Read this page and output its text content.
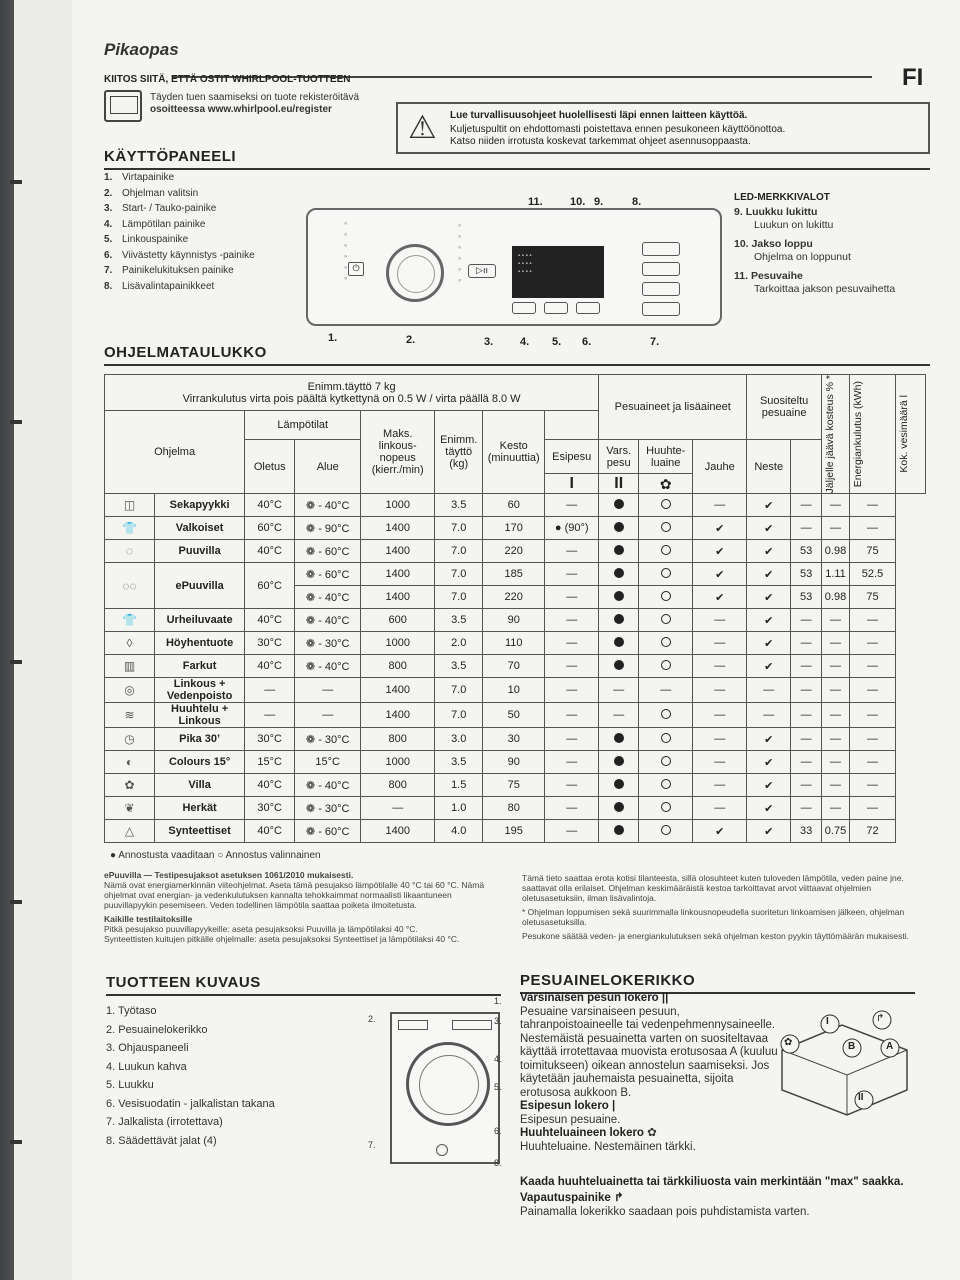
Pikaopas
FI
KIITOS SIITÄ, ETTÄ OSTIT WHIRLPOOL-TUOTTEEN
Täyden tuen saamiseksi on tuote rekisteröitävä
osoitteessa www.whirlpool.eu/register	⚠ Lue turvallisuusohjeet huolellisesti läpi ennen laitteen käyttöä.
Kuljetuspultit on ehdottomasti poistettava ennen pesukoneen käyttöönottoa.
Katso niiden irrotusta koskevat tarkemmat ohjeet asennusoppaasta.
KÄYTTÖPANEELI
1. Virtapainike
2. Ohjelman valitsin
3. Start- / Tauko-painike
4. Lämpötilan painike
5. Linkouspainike
6. Viivästetty käynnistys -painike
7. Painikelukituksen painike
8. Lisävalintapainikkeet
◦
◦
◦
◦
◦
◦
⏻
◦
◦
◦
◦
◦
◦
▷ıı
▪ ▪ ▪ ▪
▪ ▪ ▪ ▪
▪ ▪ ▪ ▪
11. 10. 9.	8.
1.	2.	3. 4. 5. 6.	7.
LED-MERKKIVALOT
9. Luukku lukittu
Luukun on lukittu
10. Jakso loppu
Ohjelma on loppunut
11. Pesuvaihe
Tarkoittaa jakson pesuvaihetta
OHJELMATAULUKKO
Enimm.täyttö 7 kg
Virrankulutus virta pois päältä kytkettynä on 0.5 W / virta päällä 8.0 W								Pesuaineet ja lisäaineet			Suositeltu pesuaine		Jäljelle jäävä kosteus % *	Energiankulutus (kWh)	Kok. vesimäärä l

Ohjelma		Lämpötilat		Maks. linkous-nopeus (kierr./min)	Enimm. täyttö (kg)	Kesto (minuuttia)									
		Oletus	Alue				Esipesu	Vars. pesu	Huuhte-luaine	Jauhe	Neste				
							I	II	✿						
◫	Sekapyykki	40°C	❁ - 40°C	1000	3.5	60	—			—	✔	—	—	—	
👕	Valkoiset	60°C	❁ - 90°C	1400	7.0	170	● (90°)			✔	✔	—	—	—	
◌	Puuvilla	40°C	❁ - 60°C	1400	7.0	220	—			✔	✔	53	0.98	75	
◌◌	ePuuvilla	60°C	❁ - 60°C	1400	7.0	185	—			✔	✔	53	1.11	52.5	
			❁ - 40°C	1400	7.0	220	—			✔	✔	53	0.98	75	
👕	Urheiluvaate	40°C	❁ - 40°C	600	3.5	90	—			—	✔	—	—	—	
◊	Höyhentuote	30°C	❁ - 30°C	1000	2.0	110	—			—	✔	—	—	—	
▥	Farkut	40°C	❁ - 40°C	800	3.5	70	—			—	✔	—	—	—	
◎	Linkous + Vedenpoisto	—	—	1400	7.0	10	—	—	—	—	—	—	—	—	
≋	Huuhtelu + Linkous	—	—	1400	7.0	50	—	—		—	—	—	—	—	
◷	Pika 30’	30°C	❁ - 30°C	800	3.0	30	—			—	✔	—	—	—	
◐	Colours 15°	15°C	15°C	1000	3.5	90	—			—	✔	—	—	—	
✿	Villa	40°C	❁ - 40°C	800	1.5	75	—			—	✔	—	—	—	
❦	Herkät	30°C	❁ - 30°C	—	1.0	80	—			—	✔	—	—	—	
△	Synteettiset	40°C	❁ - 60°C	1400	4.0	195	—			✔	✔	33	0.75	72	
● Annostusta vaaditaan ○ Annostus valinnainen
ePuuvilla — Testipesujaksot asetuksen 1061/2010 mukaisesti.
Nämä ovat energiamerkinnän viiteohjelmat. Aseta tämä pesujakso lämpötilalle 40 °C tai 60 °C. Nämä ohjelmat ovat energian- ja vedenkulutuksen kannalta tehokkaimmat normaalisti likaantuneen puuvillapyykin pesemiseen. Veden todellinen lämpötila saattaa poiketa ilmoitetusta.
Kaikille testilaitoksille
Pitkä pesujakso puuvillapyykeille: aseta pesujaksoksi Puuvilla ja lämpötilaksi 40 °C.
Synteettisten kuitujen pitkälle ohjelmalle: aseta pesujaksoksi Synteettiset ja lämpötilaksi 40 °C.
Tämä tieto saattaa erota kotisi tilanteesta, sillä olosuhteet kuten tuloveden lämpötila, veden paine jne. saattavat olla erilaiset. Ohjelman keskimääräistä kestoa tarkoittavat arvot viittaavat ohjelmien oletusasetuksiin, ilman lisävalintoja.
* Ohjelman loppumisen sekä suurimmalla linkousnopeudella suoritetun linkoamisen jälkeen, ohjelman oletusasetuksilla.
Pesukone säätää veden- ja energiankulutuksen sekä ohjelman keston pyykin täyttömäärän mukaisesti.
TUOTTEEN KUVAUS
1. Työtaso
2. Pesuainelokerikko
3. Ohjauspaneeli
4. Luukun kahva
5. Luukku
6. Vesisuodatin - jalkalistan takana
7. Jalkalista (irrotettava)
8. Säädettävät jalat (4)
1.
2.	3.
4.
5.
6.
7.
8.
PESUAINELOKERIKKO
Varsinaisen pesun lokero ||
Pesuaine varsinaiseen pesuun, tahranpoistoaineelle tai vedenpehmennysaineelle. Nestemäistä pesuainetta varten on suositeltavaa käyttää irrotettavaa muovista erotusosaa A (kuuluu toimitukseen) oikean annostelun saamiseksi. Jos käytetään jauhemaista pesuainetta, sijoita erotusosa aukkoon B.
Esipesun lokero |
Esipesun pesuaine.
Huuhteluaineen lokero ✿
Huuhteluaine. Nestemäinen tärkki.
Kaada huuhteluainetta tai tärkkiliuosta vain merkintään "max" saakka.
Vapautuspainike ↱
Painamalla lokerikko saadaan pois puhdistamista varten.
I
II
A
B
✿
↱
